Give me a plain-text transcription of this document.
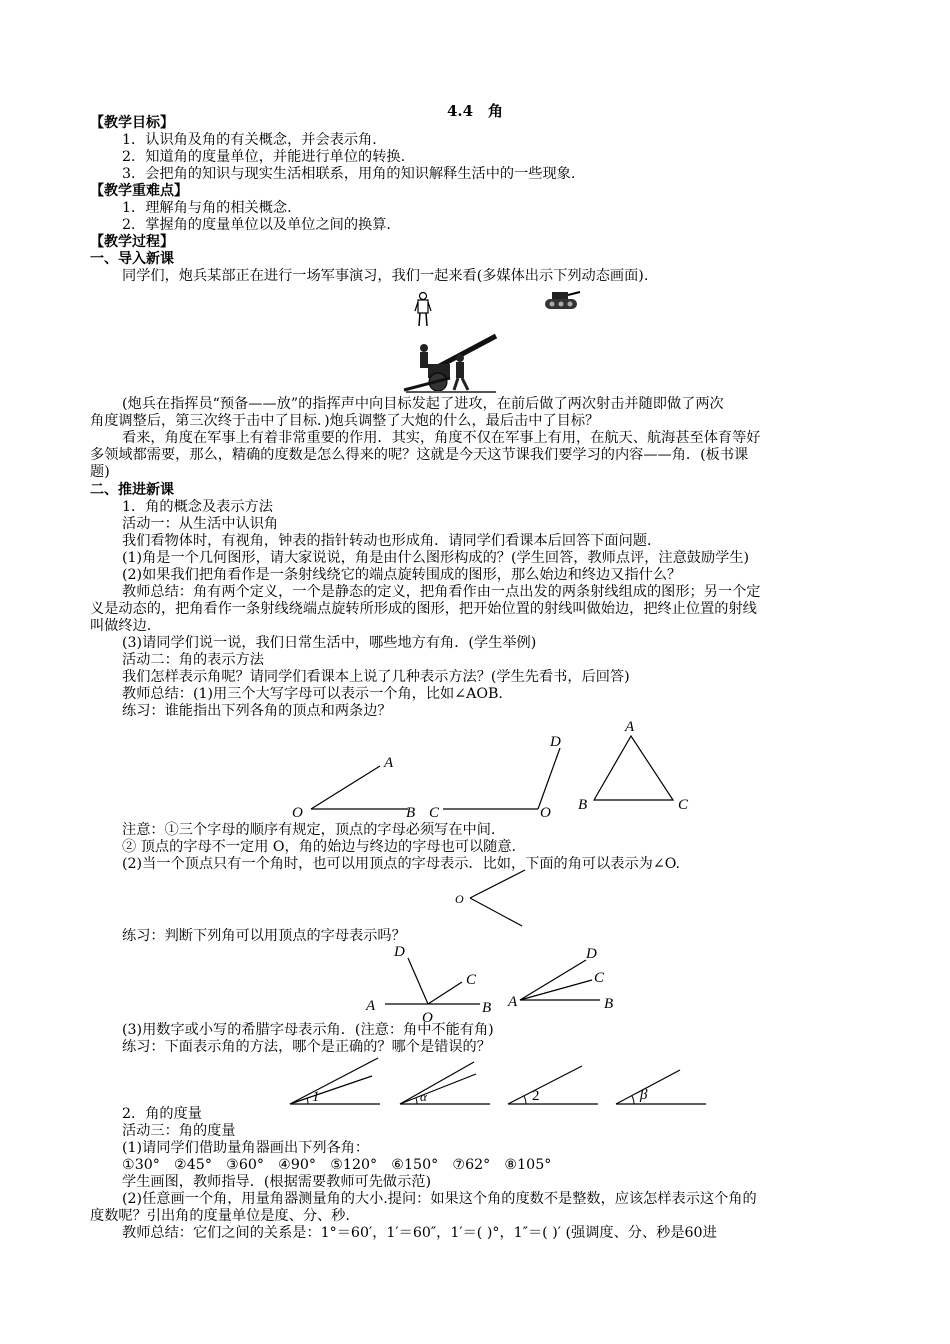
4.4　角
【教学目标】
1．认识角及角的有关概念，并会表示角.
2．知道角的度量单位，并能进行单位的转换.
3．会把角的知识与现实生活相联系，用角的知识解释生活中的一些现象.
【教学重难点】
1．理解角与角的相关概念.
2．掌握角的度量单位以及单位之间的换算.
【教学过程】
一、导入新课
同学们，炮兵某部正在进行一场军事演习，我们一起来看(多媒体出示下列动态画面).
(炮兵在指挥员“预备——放”的指挥声中向目标发起了进攻，在前后做了两次射击并随即做了两次
角度调整后，第三次终于击中了目标．)炮兵调整了大炮的什么，最后击中了目标？
看来，角度在军事上有着非常重要的作用．其实，角度不仅在军事上有用，在航天、航海甚至体育等好
多领域都需要，那么，精确的度数是怎么得来的呢？这就是今天这节课我们要学习的内容——角．(板书课
题)
二、推进新课
1．角的概念及表示方法
活动一：从生活中认识角
我们看物体时，有视角，钟表的指针转动也形成角．请同学们看课本后回答下面问题．
(1)角是一个几何图形，请大家说说，角是由什么图形构成的？(学生回答，教师点评，注意鼓励学生)
(2)如果我们把角看作是一条射线绕它的端点旋转围成的图形，那么始边和终边又指什么？
教师总结：角有两个定义，一个是静态的定义，把角看作由一点出发的两条射线组成的图形；另一个定
义是动态的，把角看作一条射线绕端点旋转所形成的图形，把开始位置的射线叫做始边，把终止位置的射线
叫做终边.
(3)请同学们说一说，我们日常生活中，哪些地方有角．(学生举例)
活动二：角的表示方法
我们怎样表示角呢？请同学们看课本上说了几种表示方法？(学生先看书，后回答)
教师总结：(1)用三个大写字母可以表示一个角，比如∠AOB.
练习：谁能指出下列各角的顶点和两条边？
A
O	B
D
C	O
A
B	C
注意：①三个字母的顺序有规定，顶点的字母必须写在中间.
② 顶点的字母不一定用 O，角的始边与终边的字母也可以随意.
(2)当一个顶点只有一个角时，也可以用顶点的字母表示．比如，下面的角可以表示为∠O.
O
练习：判断下列角可以用顶点的字母表示吗？
D
C
A
O
B
D
C
A	B
(3)用数字或小写的希腊字母表示角．(注意：角中不能有角)
练习：下面表示角的方法，哪个是正确的？哪个是错误的？
1	α	2	β
2．角的度量
活动三：角的度量
(1)请同学们借助量角器画出下列各角：
①30°　②45°　③60°　④90°　⑤120°　⑥150°　⑦62°　⑧105°
学生画图，教师指导．(根据需要教师可先做示范)
(2)任意画一个角，用量角器测量角的大小.提问：如果这个角的度数不是整数，应该怎样表示这个角的
度数呢？引出角的度量单位是度、分、秒.
教师总结：它们之间的关系是：1°＝60′，1′＝60″，1′＝( )°，1″＝( )′ (强调度、分、秒是60进
